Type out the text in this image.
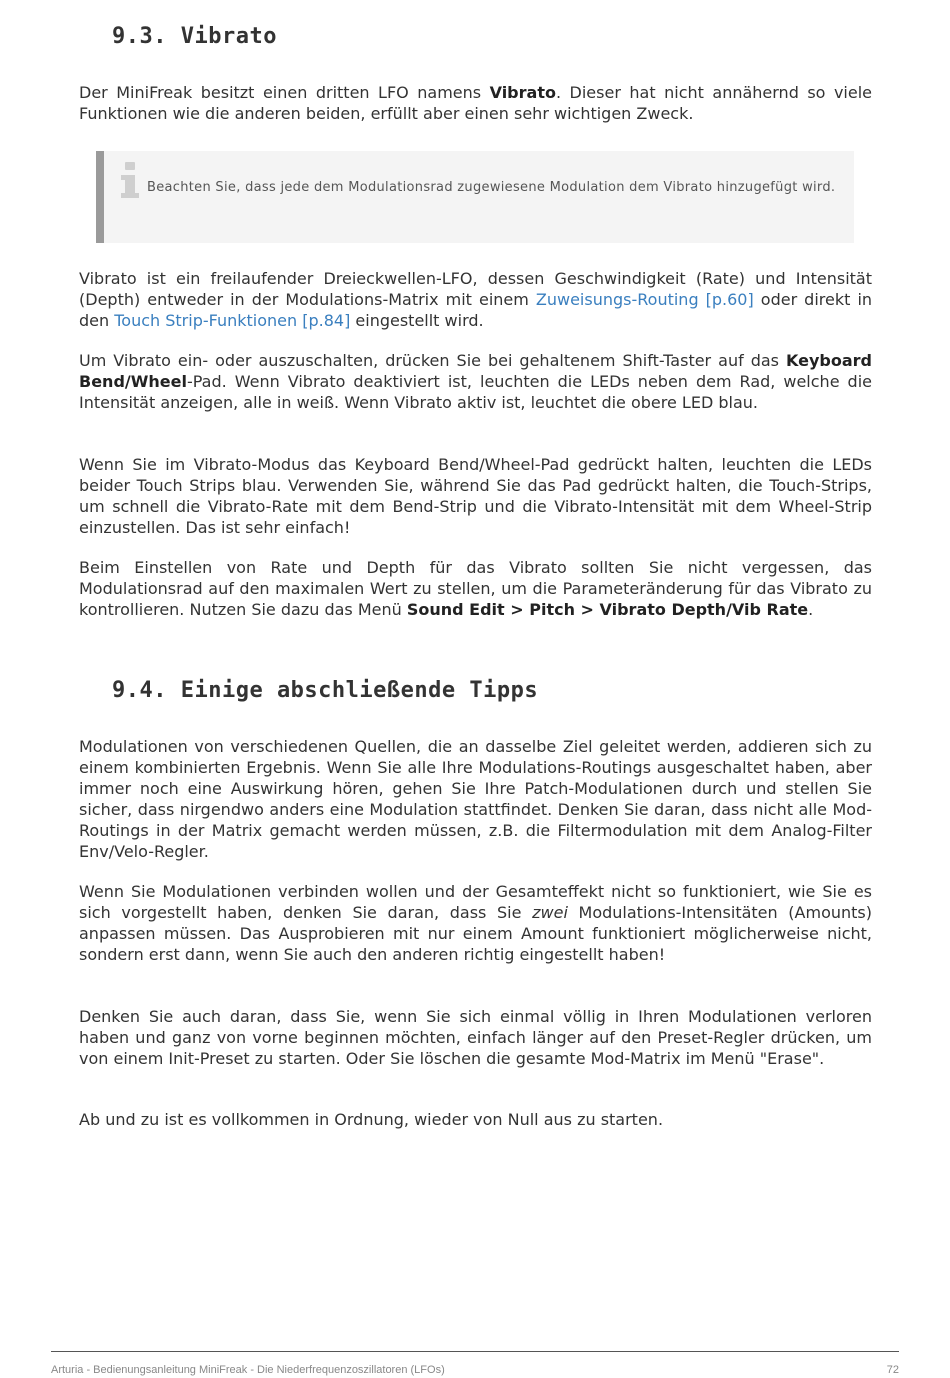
9.3. Vibrato

Der MiniFreak besitzt einen dritten LFO namens Vibrato. Dieser hat nicht annähernd so viele Funktionen wie die anderen beiden, erfüllt aber einen sehr wichtigen Zweck.

Beachten Sie, dass jede dem Modulationsrad zugewiesene Modulation dem Vibrato hinzugefügt wird.

Vibrato ist ein freilaufender Dreieckwellen-LFO, dessen Geschwindigkeit (Rate) und Intensität (Depth) entweder in der Modulations-Matrix mit einem Zuweisungs-Routing [p.60] oder direkt in den Touch Strip-Funktionen [p.84] eingestellt wird.

Um Vibrato ein- oder auszuschalten, drücken Sie bei gehaltenem Shift-Taster auf das Keyboard Bend/Wheel-Pad. Wenn Vibrato deaktiviert ist, leuchten die LEDs neben dem Rad, welche die Intensität anzeigen, alle in weiß. Wenn Vibrato aktiv ist, leuchtet die obere LED blau.

Wenn Sie im Vibrato-Modus das Keyboard Bend/Wheel-Pad gedrückt halten, leuchten die LEDs beider Touch Strips blau. Verwenden Sie, während Sie das Pad gedrückt halten, die Touch-Strips, um schnell die Vibrato-Rate mit dem Bend-Strip und die Vibrato-Intensität mit dem Wheel-Strip einzustellen. Das ist sehr einfach!

Beim Einstellen von Rate und Depth für das Vibrato sollten Sie nicht vergessen, das Modulationsrad auf den maximalen Wert zu stellen, um die Parameteränderung für das Vibrato zu kontrollieren. Nutzen Sie dazu das Menü Sound Edit > Pitch > Vibrato Depth/Vib Rate.

9.4. Einige abschließende Tipps

Modulationen von verschiedenen Quellen, die an dasselbe Ziel geleitet werden, addieren sich zu einem kombinierten Ergebnis. Wenn Sie alle Ihre Modulations-Routings ausgeschaltet haben, aber immer noch eine Auswirkung hören, gehen Sie Ihre Patch-Modulationen durch und stellen Sie sicher, dass nirgendwo anders eine Modulation stattfindet. Denken Sie daran, dass nicht alle Mod-Routings in der Matrix gemacht werden müssen, z.B. die Filtermodulation mit dem Analog-Filter Env/Velo-Regler.

Wenn Sie Modulationen verbinden wollen und der Gesamteffekt nicht so funktioniert, wie Sie es sich vorgestellt haben, denken Sie daran, dass Sie zwei Modulations-Intensitäten (Amounts) anpassen müssen. Das Ausprobieren mit nur einem Amount funktioniert möglicherweise nicht, sondern erst dann, wenn Sie auch den anderen richtig eingestellt haben!

Denken Sie auch daran, dass Sie, wenn Sie sich einmal völlig in Ihren Modulationen verloren haben und ganz von vorne beginnen möchten, einfach länger auf den Preset-Regler drücken, um von einem Init-Preset zu starten. Oder Sie löschen die gesamte Mod-Matrix im Menü "Erase".

Ab und zu ist es vollkommen in Ordnung, wieder von Null aus zu starten.

Arturia - Bedienungsanleitung MiniFreak - Die Niederfrequenzoszillatoren (LFOs)	72
